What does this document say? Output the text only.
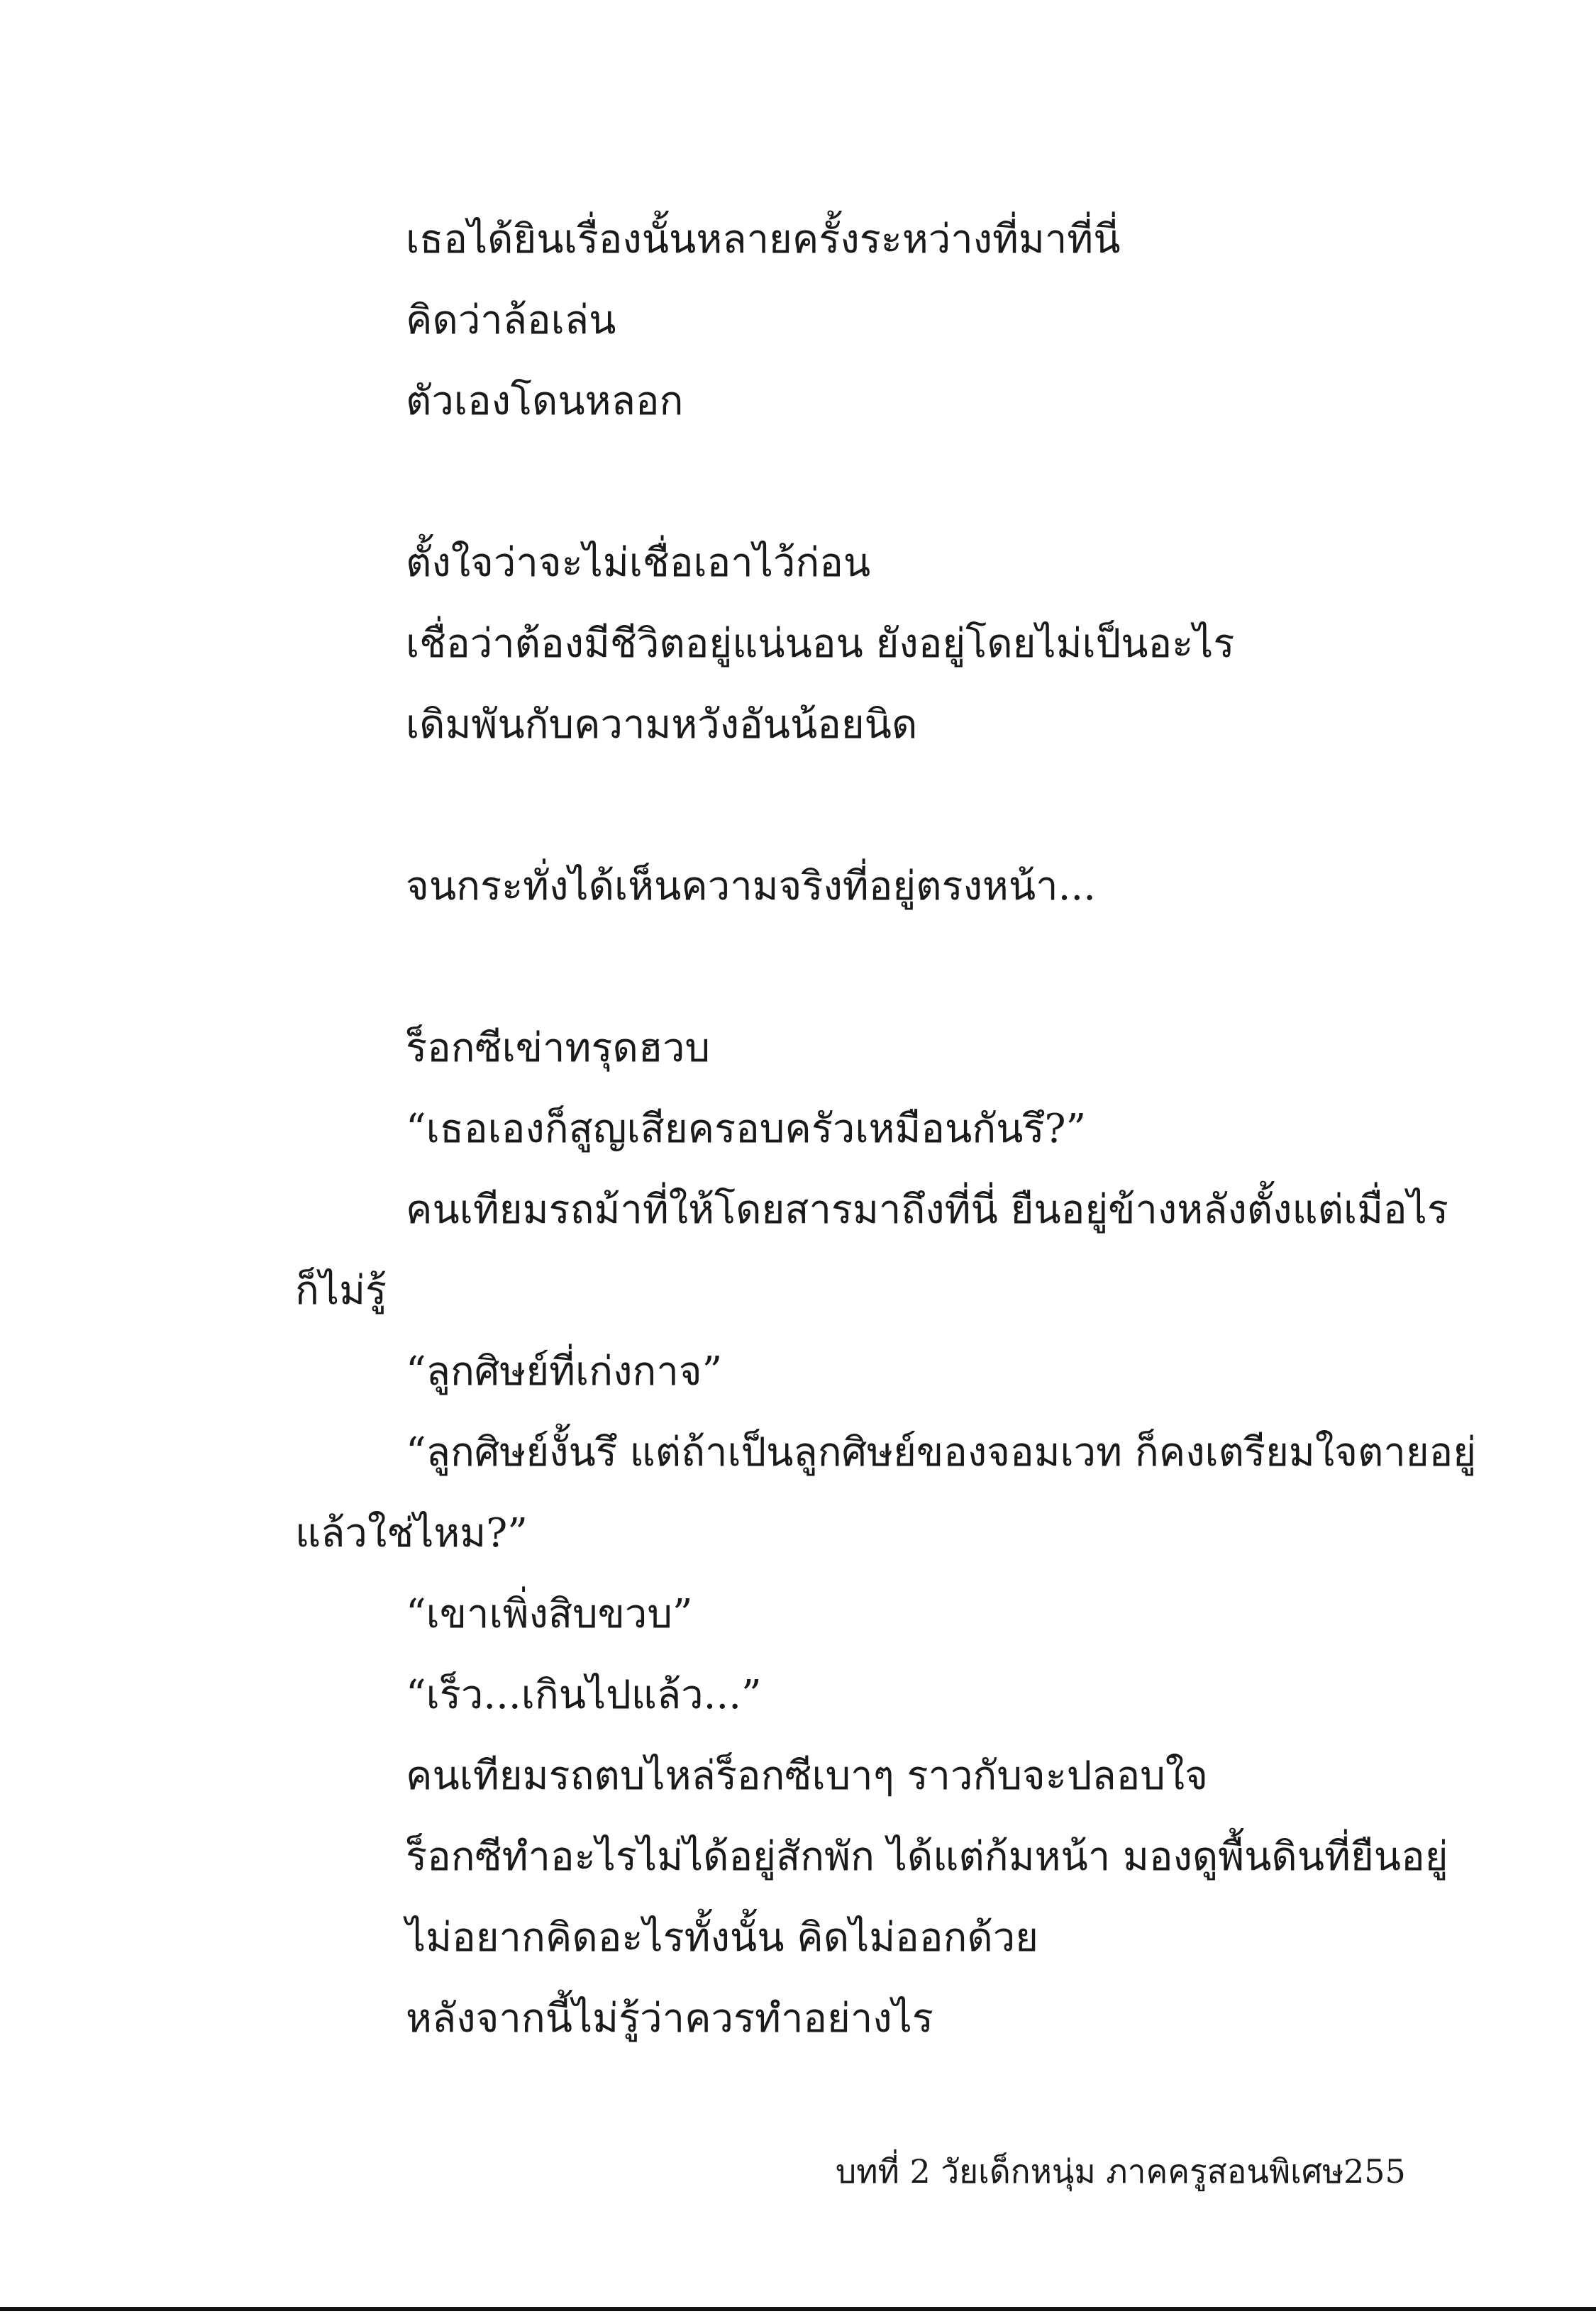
เธอได้ยินเรื่องนั้นหลายครั้งระหว่างที่มาที่นี่
คิดว่าล้อเล่น
ตัวเองโดนหลอก
ตั้งใจว่าจะไม่เชื่อเอาไว้ก่อน
เชื่อว่าต้องมีชีวิตอยู่แน่นอน ยังอยู่โดยไม่เป็นอะไร
เดิมพันกับความหวังอันน้อยนิด
จนกระทั่งได้เห็นความจริงที่อยู่ตรงหน้า...
ร็อกซีเข่าทรุดฮวบ
“เธอเองก็สูญเสียครอบครัวเหมือนกันรึ?”
คนเทียมรถม้าที่ให้โดยสารมาถึงที่นี่ ยืนอยู่ข้างหลังตั้งแต่เมื่อไร
ก็ไม่รู้
“ลูกศิษย์ที่เก่งกาจ”
“ลูกศิษย์งั้นรึ แต่ถ้าเป็นลูกศิษย์ของจอมเวท ก็คงเตรียมใจตายอยู่
แล้วใช่ไหม?”
“เขาเพิ่งสิบขวบ”
“เร็ว...เกินไปแล้ว...”
คนเทียมรถตบไหล่ร็อกซีเบาๆ ราวกับจะปลอบใจ
ร็อกซีทำอะไรไม่ได้อยู่สักพัก ได้แต่ก้มหน้า มองดูพื้นดินที่ยืนอยู่
ไม่อยากคิดอะไรทั้งนั้น คิดไม่ออกด้วย
หลังจากนี้ไม่รู้ว่าควรทำอย่างไร
บทที่ 2 วัยเด็กหนุ่ม ภาคครูสอนพิเศษ 255
